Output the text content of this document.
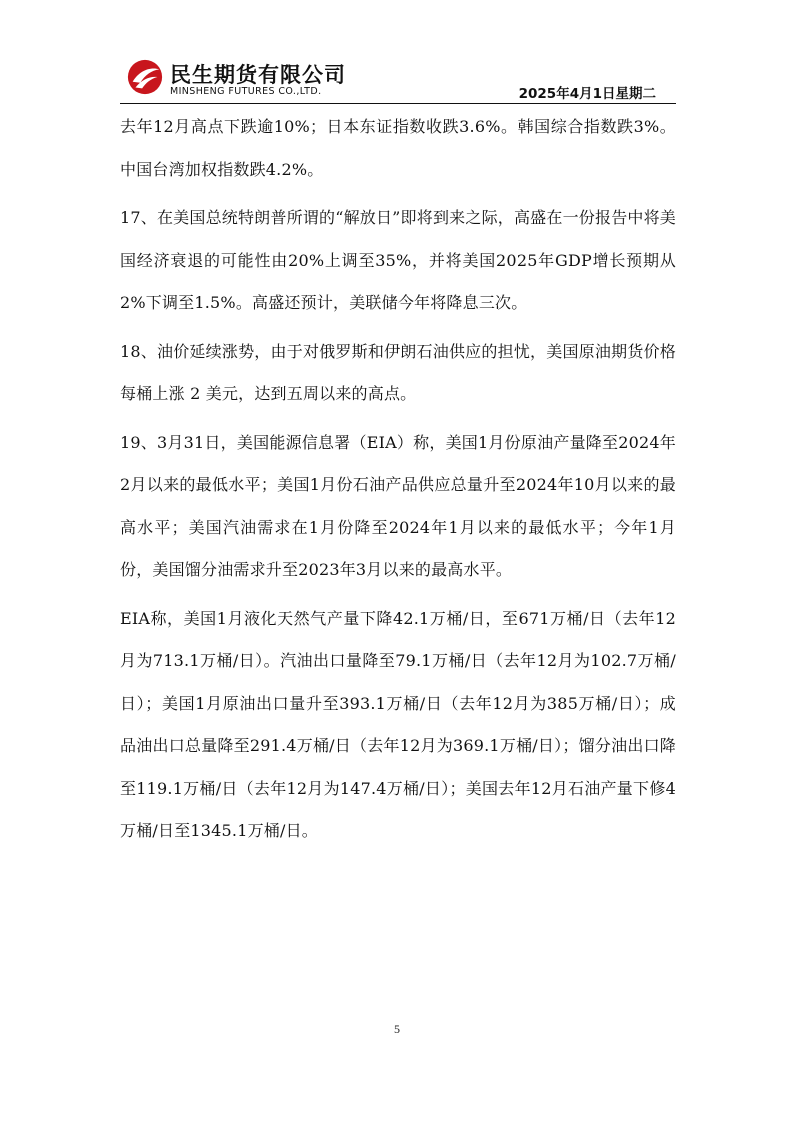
民生期货有限公司
MINSHENG FUTURES CO.,LTD.	2025年4月1日星期二

去年12月高点下跌逾10%；日本东证指数收跌3.6%。韩国综合指数跌3%。中国台湾加权指数跌4.2%。

17、在美国总统特朗普所谓的“解放日”即将到来之际，高盛在一份报告中将美国经济衰退的可能性由20%上调至35%，并将美国2025年GDP增长预期从2%下调至1.5%。高盛还预计，美联储今年将降息三次。

18、油价延续涨势，由于对俄罗斯和伊朗石油供应的担忧，美国原油期货价格每桶上涨 2 美元，达到五周以来的高点。

19、3月31日，美国能源信息署（EIA）称，美国1月份原油产量降至2024年2月以来的最低水平；美国1月份石油产品供应总量升至2024年10月以来的最高水平；美国汽油需求在1月份降至2024年1月以来的最低水平；今年1月份，美国馏分油需求升至2023年3月以来的最高水平。

EIA称，美国1月液化天然气产量下降42.1万桶/日，至671万桶/日（去年12月为713.1万桶/日）。汽油出口量降至79.1万桶/日（去年12月为102.7万桶/日）；美国1月原油出口量升至393.1万桶/日（去年12月为385万桶/日）；成品油出口总量降至291.4万桶/日（去年12月为369.1万桶/日）；馏分油出口降至119.1万桶/日（去年12月为147.4万桶/日）；美国去年12月石油产量下修4万桶/日至1345.1万桶/日。

5
